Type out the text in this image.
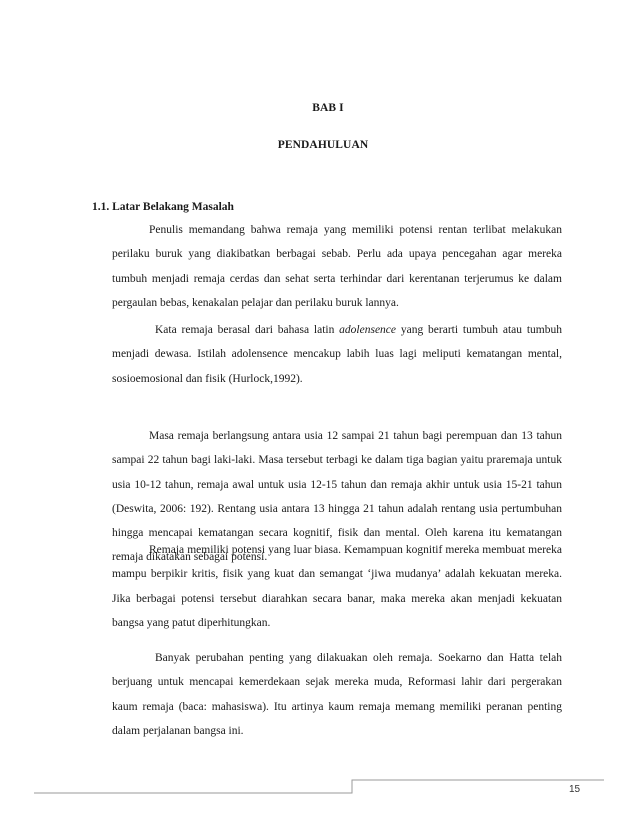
BAB I
PENDAHULUAN
1.1. Latar Belakang Masalah

Penulis memandang bahwa remaja yang memiliki potensi rentan terlibat melakukan perilaku buruk yang diakibatkan berbagai sebab. Perlu ada upaya pencegahan agar mereka tumbuh menjadi remaja cerdas dan sehat serta terhindar dari kerentanan terjerumus ke dalam pergaulan bebas, kenakalan pelajar dan perilaku buruk lannya.

Kata remaja berasal dari bahasa latin adolensence yang berarti tumbuh atau tumbuh menjadi dewasa. Istilah adolensence mencakup labih luas lagi meliputi kematangan mental, sosioemosional dan fisik (Hurlock,1992).

Masa remaja berlangsung antara usia 12 sampai 21 tahun bagi perempuan dan 13 tahun sampai 22 tahun bagi laki-laki. Masa tersebut terbagi ke dalam tiga bagian yaitu praremaja untuk usia 10-12 tahun, remaja awal untuk usia 12-15 tahun dan remaja akhir untuk usia 15-21 tahun (Deswita, 2006: 192). Rentang usia antara 13 hingga 21 tahun adalah rentang usia pertumbuhan hingga mencapai kematangan secara kognitif, fisik dan mental. Oleh karena itu kematangan remaja dikatakan sebagai potensi.

Remaja memiliki potensi yang luar biasa. Kemampuan kognitif mereka membuat mereka mampu berpikir kritis, fisik yang kuat dan semangat ‘jiwa mudanya’ adalah kekuatan mereka. Jika berbagai potensi tersebut diarahkan secara banar, maka mereka akan menjadi kekuatan bangsa yang patut diperhitungkan.

Banyak perubahan penting yang dilakuakan oleh remaja. Soekarno dan Hatta telah berjuang untuk mencapai kemerdekaan sejak mereka muda, Reformasi lahir dari pergerakan kaum remaja (baca: mahasiswa). Itu artinya kaum remaja memang memiliki peranan penting dalam perjalanan bangsa ini.

15
